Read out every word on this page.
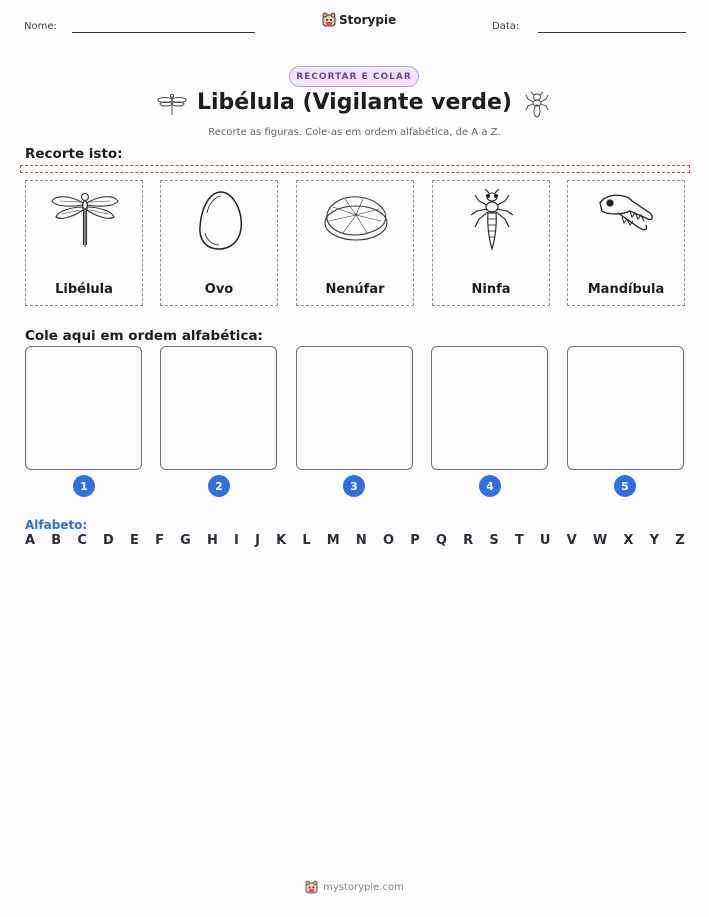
Nome:	Storypie	Data:
RECORTAR E COLAR
Libélula (Vigilante verde)
Recorte as figuras. Cole-as em ordem alfabética, de A a Z.
Recorte isto:
Libélula	Ovo	Nenúfar	Ninfa	Mandíbula
Cole aqui em ordem alfabética:
1	2	3	4	5
Alfabeto:
A B C D E F G H I J K L M N O P Q R S T U V W X Y Z
mystorypie.com
